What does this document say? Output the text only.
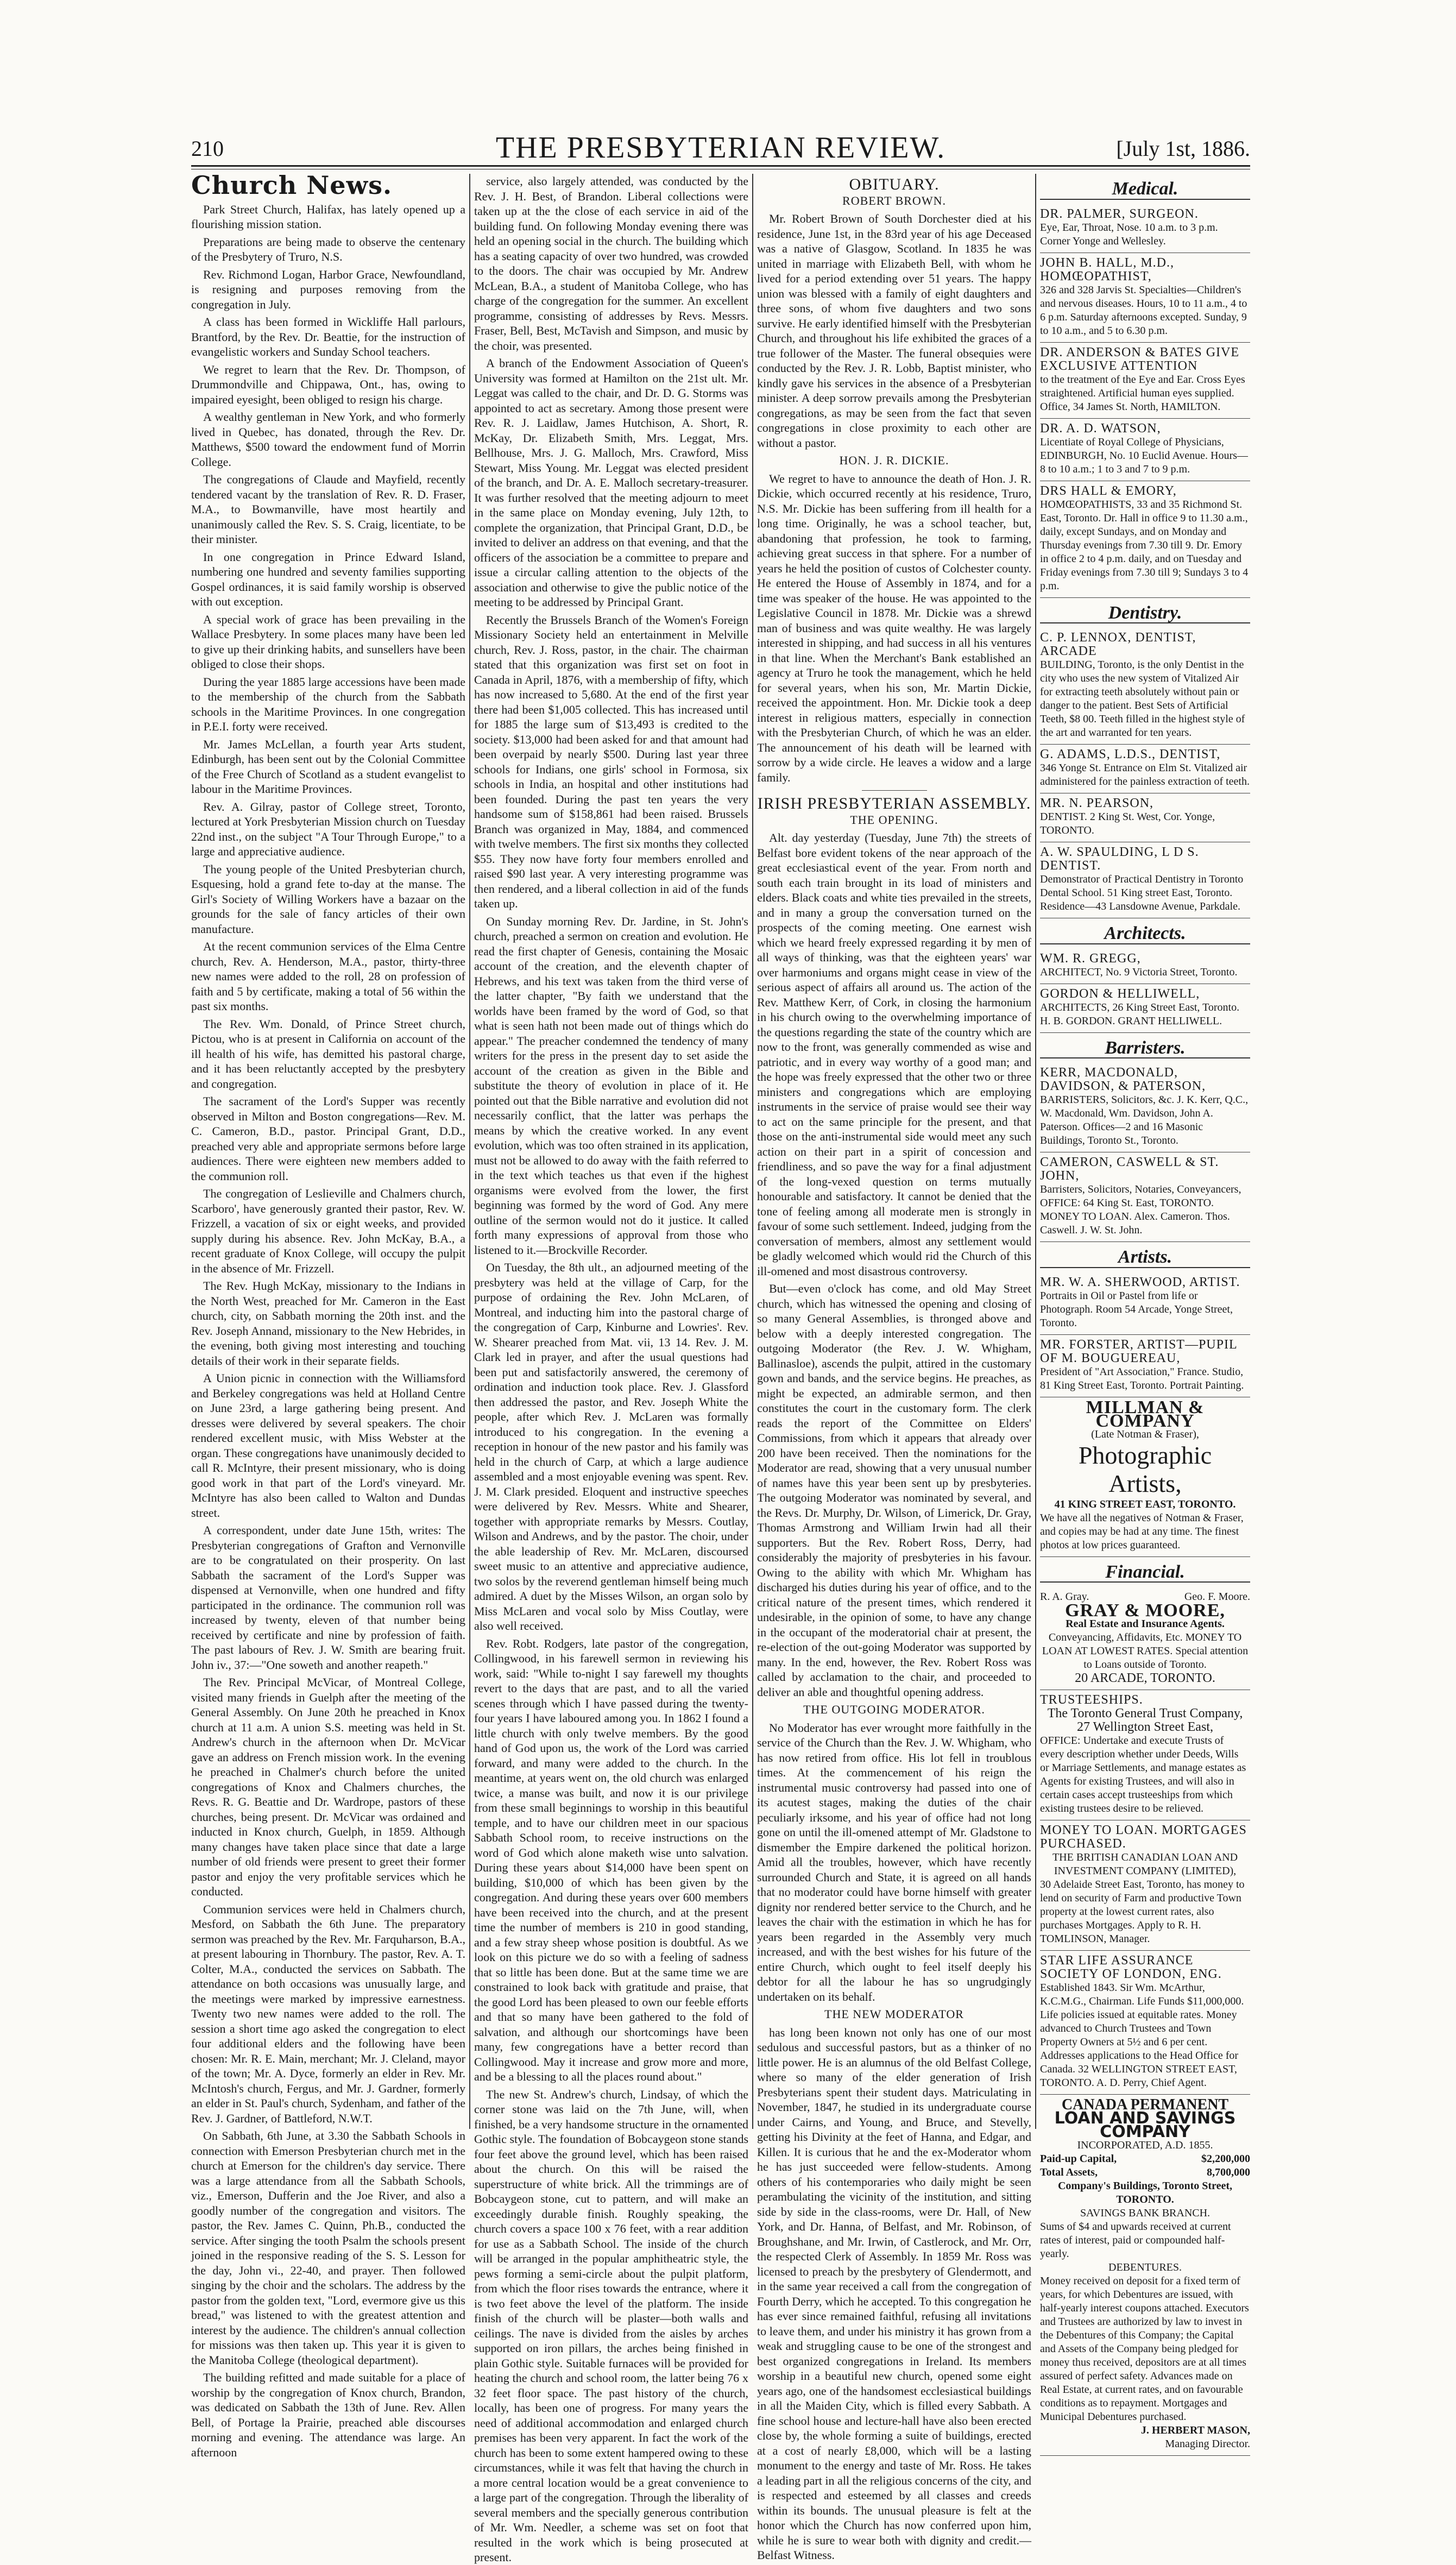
210	THE PRESBYTERIAN REVIEW.	[July 1st, 1886.
Church News.

Park Street Church, Halifax, has lately opened up a flourishing mission station.

Preparations are being made to observe the centenary of the Presbytery of Truro, N.S.

Rev. Richmond Logan, Harbor Grace, Newfoundland, is resigning and purposes removing from the congregation in July.

A class has been formed in Wickliffe Hall parlours, Brantford, by the Rev. Dr. Beattie, for the instruction of evangelistic workers and Sunday School teachers.

We regret to learn that the Rev. Dr. Thompson, of Drummondville and Chippawa, Ont., has, owing to impaired eyesight, been obliged to resign his charge.

A wealthy gentleman in New York, and who formerly lived in Quebec, has donated, through the Rev. Dr. Matthews, $500 toward the endowment fund of Morrin College.

The congregations of Claude and Mayfield, recently tendered vacant by the translation of Rev. R. D. Fraser, M.A., to Bowmanville, have most heartily and unanimously called the Rev. S. S. Craig, licentiate, to be their minister.

In one congregation in Prince Edward Island, numbering one hundred and seventy families supporting Gospel ordinances, it is said family worship is observed with out exception.

A special work of grace has been prevailing in the Wallace Presbytery. In some places many have been led to give up their drinking habits, and sunsellers have been obliged to close their shops.

During the year 1885 large accessions have been made to the membership of the church from the Sabbath schools in the Maritime Provinces. In one congregation in P.E.I. forty were received.

Mr. James McLellan, a fourth year Arts student, Edinburgh, has been sent out by the Colonial Committee of the Free Church of Scotland as a student evangelist to labour in the Maritime Provinces.

Rev. A. Gilray, pastor of College street, Toronto, lectured at York Presbyterian Mission church on Tuesday 22nd inst., on the subject "A Tour Through Europe," to a large and appreciative audience.

The young people of the United Presbyterian church, Esquesing, hold a grand fete to-day at the manse. The Girl's Society of Willing Workers have a bazaar on the grounds for the sale of fancy articles of their own manufacture.

At the recent communion services of the Elma Centre church, Rev. A. Henderson, M.A., pastor, thirty-three new names were added to the roll, 28 on profession of faith and 5 by certificate, making a total of 56 within the past six months.

The Rev. Wm. Donald, of Prince Street church, Pictou, who is at present in California on account of the ill health of his wife, has demitted his pastoral charge, and it has been reluctantly accepted by the presbytery and congregation.

The sacrament of the Lord's Supper was recently observed in Milton and Boston congregations—Rev. M. C. Cameron, B.D., pastor. Principal Grant, D.D., preached very able and appropriate sermons before large audiences. There were eighteen new members added to the communion roll.

The congregation of Leslieville and Chalmers church, Scarboro', have generously granted their pastor, Rev. W. Frizzell, a vacation of six or eight weeks, and provided supply during his absence. Rev. John McKay, B.A., a recent graduate of Knox College, will occupy the pulpit in the absence of Mr. Frizzell.

The Rev. Hugh McKay, missionary to the Indians in the North West, preached for Mr. Cameron in the East church, city, on Sabbath morning the 20th inst. and the Rev. Joseph Annand, missionary to the New Hebrides, in the evening, both giving most interesting and touching details of their work in their separate fields.

A Union picnic in connection with the Williamsford and Berkeley congregations was held at Holland Centre on June 23rd, a large gathering being present. And dresses were delivered by several speakers. The choir rendered excellent music, with Miss Webster at the organ. These congregations have unanimously decided to call R. McIntyre, their present missionary, who is doing good work in that part of the Lord's vineyard. Mr. McIntyre has also been called to Walton and Dundas street.

A correspondent, under date June 15th, writes: The Presbyterian congregations of Grafton and Vernonville are to be congratulated on their prosperity. On last Sabbath the sacrament of the Lord's Supper was dispensed at Vernonville, when one hundred and fifty participated in the ordinance. The communion roll was increased by twenty, eleven of that number being received by certificate and nine by profession of faith. The past labours of Rev. J. W. Smith are bearing fruit. John iv., 37:—"One soweth and another reapeth."

The Rev. Principal McVicar, of Montreal College, visited many friends in Guelph after the meeting of the General Assembly. On June 20th he preached in Knox church at 11 a.m. A union S.S. meeting was held in St. Andrew's church in the afternoon when Dr. McVicar gave an address on French mission work. In the evening he preached in Chalmer's church before the united congregations of Knox and Chalmers churches, the Revs. R. G. Beattie and Dr. Wardrope, pastors of these churches, being present. Dr. McVicar was ordained and inducted in Knox church, Guelph, in 1859. Although many changes have taken place since that date a large number of old friends were present to greet their former pastor and enjoy the very profitable services which he conducted.

Communion services were held in Chalmers church, Mesford, on Sabbath the 6th June. The preparatory sermon was preached by the Rev. Mr. Farquharson, B.A., at present labouring in Thornbury. The pastor, Rev. A. T. Colter, M.A., conducted the services on Sabbath. The attendance on both occasions was unusually large, and the meetings were marked by impressive earnestness. Twenty two new names were added to the roll. The session a short time ago asked the congregation to elect four additional elders and the following have been chosen: Mr. R. E. Main, merchant; Mr. J. Cleland, mayor of the town; Mr. A. Dyce, formerly an elder in Rev. Mr. McIntosh's church, Fergus, and Mr. J. Gardner, formerly an elder in St. Paul's church, Sydenham, and father of the Rev. J. Gardner, of Battleford, N.W.T.

On Sabbath, 6th June, at 3.30 the Sabbath Schools in connection with Emerson Presbyterian church met in the church at Emerson for the children's day service. There was a large attendance from all the Sabbath Schools, viz., Emerson, Dufferin and the Joe River, and also a goodly number of the congregation and visitors. The pastor, the Rev. James C. Quinn, Ph.B., conducted the service. After singing the tooth Psalm the schools present joined in the responsive reading of the S. S. Lesson for the day, John vi., 22-40, and prayer. Then followed singing by the choir and the scholars. The address by the pastor from the golden text, "Lord, evermore give us this bread," was listened to with the greatest attention and interest by the audience. The children's annual collection for missions was then taken up. This year it is given to the Manitoba College (theological department).

The building refitted and made suitable for a place of worship by the congregation of Knox church, Brandon, was dedicated on Sabbath the 13th of June. Rev. Allen Bell, of Portage la Prairie, preached able discourses morning and evening. The attendance was large. An afternoon

service, also largely attended, was conducted by the Rev. J. H. Best, of Brandon. Liberal collections were taken up at the the close of each service in aid of the building fund. On following Monday evening there was held an opening social in the church. The building which has a seating capacity of over two hundred, was crowded to the doors. The chair was occupied by Mr. Andrew McLean, B.A., a student of Manitoba College, who has charge of the congregation for the summer. An excellent programme, consisting of addresses by Revs. Messrs. Fraser, Bell, Best, McTavish and Simpson, and music by the choir, was presented.

A branch of the Endowment Association of Queen's University was formed at Hamilton on the 21st ult. Mr. Leggat was called to the chair, and Dr. D. G. Storms was appointed to act as secretary. Among those present were Rev. R. J. Laidlaw, James Hutchison, A. Short, R. McKay, Dr. Elizabeth Smith, Mrs. Leggat, Mrs. Bellhouse, Mrs. J. G. Malloch, Mrs. Crawford, Miss Stewart, Miss Young. Mr. Leggat was elected president of the branch, and Dr. A. E. Malloch secretary-treasurer. It was further resolved that the meeting adjourn to meet in the same place on Monday evening, July 12th, to complete the organization, that Principal Grant, D.D., be invited to deliver an address on that evening, and that the officers of the association be a committee to prepare and issue a circular calling attention to the objects of the association and otherwise to give the public notice of the meeting to be addressed by Principal Grant.

Recently the Brussels Branch of the Women's Foreign Missionary Society held an entertainment in Melville church, Rev. J. Ross, pastor, in the chair. The chairman stated that this organization was first set on foot in Canada in April, 1876, with a membership of fifty, which has now increased to 5,680. At the end of the first year there had been $1,005 collected. This has increased until for 1885 the large sum of $13,493 is credited to the society. $13,000 had been asked for and that amount had been overpaid by nearly $500. During last year three schools for Indians, one girls' school in Formosa, six schools in India, an hospital and other institutions had been founded. During the past ten years the very handsome sum of $158,861 had been raised. Brussels Branch was organized in May, 1884, and commenced with twelve members. The first six months they collected $55. They now have forty four members enrolled and raised $90 last year. A very interesting programme was then rendered, and a liberal collection in aid of the funds taken up.

On Sunday morning Rev. Dr. Jardine, in St. John's church, preached a sermon on creation and evolution. He read the first chapter of Genesis, containing the Mosaic account of the creation, and the eleventh chapter of Hebrews, and his text was taken from the third verse of the latter chapter, "By faith we understand that the worlds have been framed by the word of God, so that what is seen hath not been made out of things which do appear." The preacher condemned the tendency of many writers for the press in the present day to set aside the account of the creation as given in the Bible and substitute the theory of evolution in place of it. He pointed out that the Bible narrative and evolution did not necessarily conflict, that the latter was perhaps the means by which the creative worked. In any event evolution, which was too often strained in its application, must not be allowed to do away with the faith referred to in the text which teaches us that even if the highest organisms were evolved from the lower, the first beginning was formed by the word of God. Any mere outline of the sermon would not do it justice. It called forth many expressions of approval from those who listened to it.—Brockville Recorder.

On Tuesday, the 8th ult., an adjourned meeting of the presbytery was held at the village of Carp, for the purpose of ordaining the Rev. John McLaren, of Montreal, and inducting him into the pastoral charge of the congregation of Carp, Kinburne and Lowries'. Rev. W. Shearer preached from Mat. vii, 13 14. Rev. J. M. Clark led in prayer, and after the usual questions had been put and satisfactorily answered, the ceremony of ordination and induction took place. Rev. J. Glassford then addressed the pastor, and Rev. Joseph White the people, after which Rev. J. McLaren was formally introduced to his congregation. In the evening a reception in honour of the new pastor and his family was held in the church of Carp, at which a large audience assembled and a most enjoyable evening was spent. Rev. J. M. Clark presided. Eloquent and instructive speeches were delivered by Rev. Messrs. White and Shearer, together with appropriate remarks by Messrs. Coutlay, Wilson and Andrews, and by the pastor. The choir, under the able leadership of Rev. Mr. McLaren, discoursed sweet music to an attentive and appreciative audience, two solos by the reverend gentleman himself being much admired. A duet by the Misses Wilson, an organ solo by Miss McLaren and vocal solo by Miss Coutlay, were also well received.

Rev. Robt. Rodgers, late pastor of the congregation, Collingwood, in his farewell sermon in reviewing his work, said: "While to-night I say farewell my thoughts revert to the days that are past, and to all the varied scenes through which I have passed during the twenty-four years I have laboured among you. In 1862 I found a little church with only twelve members. By the good hand of God upon us, the work of the Lord was carried forward, and many were added to the church. In the meantime, at years went on, the old church was enlarged twice, a manse was built, and now it is our privilege from these small beginnings to worship in this beautiful temple, and to have our children meet in our spacious Sabbath School room, to receive instructions on the word of God which alone maketh wise unto salvation. During these years about $14,000 have been spent on building, $10,000 of which has been given by the congregation. And during these years over 600 members have been received into the church, and at the present time the number of members is 210 in good standing, and a few stray sheep whose position is doubtful. As we look on this picture we do so with a feeling of sadness that so little has been done. But at the same time we are constrained to look back with gratitude and praise, that the good Lord has been pleased to own our feeble efforts and that so many have been gathered to the fold of salvation, and although our shortcomings have been many, few congregations have a better record than Collingwood. May it increase and grow more and more, and be a blessing to all the places round about."

The new St. Andrew's church, Lindsay, of which the corner stone was laid on the 7th June, will, when finished, be a very handsome structure in the ornamented Gothic style. The foundation of Bobcaygeon stone stands four feet above the ground level, which has been raised about the church. On this will be raised the superstructure of white brick. All the trimmings are of Bobcaygeon stone, cut to pattern, and will make an exceedingly durable finish. Roughly speaking, the church covers a space 100 x 76 feet, with a rear addition for use as a Sabbath School. The inside of the church will be arranged in the popular amphitheatric style, the pews forming a semi-circle about the pulpit platform, from which the floor rises towards the entrance, where it is two feet above the level of the platform. The inside finish of the church will be plaster—both walls and ceilings. The nave is divided from the aisles by arches supported on iron pillars, the arches being finished in plain Gothic style. Suitable furnaces will be provided for heating the church and school room, the latter being 76 x 32 feet floor space. The past history of the church, locally, has been one of progress. For many years the need of additional accommodation and enlarged church premises has been very apparent. In fact the work of the church has been to some extent hampered owing to these circumstances, while it was felt that having the church in a more central location would be a great convenience to a large part of the congregation. Through the liberality of several members and the specially generous contribution of Mr. Wm. Needler, a scheme was set on foot that resulted in the work which is being prosecuted at present.

OBITUARY.
ROBERT BROWN.

Mr. Robert Brown of South Dorchester died at his residence, June 1st, in the 83rd year of his age Deceased was a native of Glasgow, Scotland. In 1835 he was united in marriage with Elizabeth Bell, with whom he lived for a period extending over 51 years. The happy union was blessed with a family of eight daughters and three sons, of whom five daughters and two sons survive. He early identified himself with the Presbyterian Church, and throughout his life exhibited the graces of a true follower of the Master. The funeral obsequies were conducted by the Rev. J. R. Lobb, Baptist minister, who kindly gave his services in the absence of a Presbyterian minister. A deep sorrow prevails among the Presbyterian congregations, as may be seen from the fact that seven congregations in close proximity to each other are without a pastor.

HON. J. R. DICKIE.

We regret to have to announce the death of Hon. J. R. Dickie, which occurred recently at his residence, Truro, N.S. Mr. Dickie has been suffering from ill health for a long time. Originally, he was a school teacher, but, abandoning that profession, he took to farming, achieving great success in that sphere. For a number of years he held the position of custos of Colchester county. He entered the House of Assembly in 1874, and for a time was speaker of the house. He was appointed to the Legislative Council in 1878. Mr. Dickie was a shrewd man of business and was quite wealthy. He was largely interested in shipping, and had success in all his ventures in that line. When the Merchant's Bank established an agency at Truro he took the management, which he held for several years, when his son, Mr. Martin Dickie, received the appointment. Hon. Mr. Dickie took a deep interest in religious matters, especially in connection with the Presbyterian Church, of which he was an elder. The announcement of his death will be learned with sorrow by a wide circle. He leaves a widow and a large family.

IRISH PRESBYTERIAN ASSEMBLY.
THE OPENING.

Alt. day yesterday (Tuesday, June 7th) the streets of Belfast bore evident tokens of the near approach of the great ecclesiastical event of the year. From north and south each train brought in its load of ministers and elders. Black coats and white ties prevailed in the streets, and in many a group the conversation turned on the prospects of the coming meeting. One earnest wish which we heard freely expressed regarding it by men of all ways of thinking, was that the eighteen years' war over harmoniums and organs might cease in view of the serious aspect of affairs all around us. The action of the Rev. Matthew Kerr, of Cork, in closing the harmonium in his church owing to the overwhelming importance of the questions regarding the state of the country which are now to the front, was generally commended as wise and patriotic, and in every way worthy of a good man; and the hope was freely expressed that the other two or three ministers and congregations which are employing instruments in the service of praise would see their way to act on the same principle for the present, and that those on the anti-instrumental side would meet any such action on their part in a spirit of concession and friendliness, and so pave the way for a final adjustment of the long-vexed question on terms mutually honourable and satisfactory. It cannot be denied that the tone of feeling among all moderate men is strongly in favour of some such settlement. Indeed, judging from the conversation of members, almost any settlement would be gladly welcomed which would rid the Church of this ill-omened and most disastrous controversy.

But—even o'clock has come, and old May Street church, which has witnessed the opening and closing of so many General Assemblies, is thronged above and below with a deeply interested congregation. The outgoing Moderator (the Rev. J. W. Whigham, Ballinasloe), ascends the pulpit, attired in the customary gown and bands, and the service begins. He preaches, as might be expected, an admirable sermon, and then constitutes the court in the customary form. The clerk reads the report of the Committee on Elders' Commissions, from which it appears that already over 200 have been received. Then the nominations for the Moderator are read, showing that a very unusual number of names have this year been sent up by presbyteries. The outgoing Moderator was nominated by several, and the Revs. Dr. Murphy, Dr. Wilson, of Limerick, Dr. Gray, Thomas Armstrong and William Irwin had all their supporters. But the Rev. Robert Ross, Derry, had considerably the majority of presbyteries in his favour. Owing to the ability with which Mr. Whigham has discharged his duties during his year of office, and to the critical nature of the present times, which rendered it undesirable, in the opinion of some, to have any change in the occupant of the moderatorial chair at present, the re-election of the out-going Moderator was supported by many. In the end, however, the Rev. Robert Ross was called by acclamation to the chair, and proceeded to deliver an able and thoughtful opening address.

THE OUTGOING MODERATOR.

No Moderator has ever wrought more faithfully in the service of the Church than the Rev. J. W. Whigham, who has now retired from office. His lot fell in troublous times. At the commencement of his reign the instrumental music controversy had passed into one of its acutest stages, making the duties of the chair peculiarly irksome, and his year of office had not long gone on until the ill-omened attempt of Mr. Gladstone to dismember the Empire darkened the political horizon. Amid all the troubles, however, which have recently surrounded Church and State, it is agreed on all hands that no moderator could have borne himself with greater dignity nor rendered better service to the Church, and he leaves the chair with the estimation in which he has for years been regarded in the Assembly very much increased, and with the best wishes for his future of the entire Church, which ought to feel itself deeply his debtor for all the labour he has so ungrudgingly undertaken on its behalf.

THE NEW MODERATOR

has long been known not only has one of our most sedulous and successful pastors, but as a thinker of no little power. He is an alumnus of the old Belfast College, where so many of the elder generation of Irish Presbyterians spent their student days. Matriculating in November, 1847, he studied in its undergraduate course under Cairns, and Young, and Bruce, and Stevelly, getting his Divinity at the feet of Hanna, and Edgar, and Killen. It is curious that he and the ex-Moderator whom he has just succeeded were fellow-students. Among others of his contemporaries who daily might be seen perambulating the vicinity of the institution, and sitting side by side in the class-rooms, were Dr. Hall, of New York, and Dr. Hanna, of Belfast, and Mr. Robinson, of Broughshane, and Mr. Irwin, of Castlerock, and Mr. Orr, the respected Clerk of Assembly. In 1859 Mr. Ross was licensed to preach by the presbytery of Glendermott, and in the same year received a call from the congregation of Fourth Derry, which he accepted. To this congregation he has ever since remained faithful, refusing all invitations to leave them, and under his ministry it has grown from a weak and struggling cause to be one of the strongest and best organized congregations in Ireland. Its members worship in a beautiful new church, opened some eight years ago, one of the handsomest ecclesiastical buildings in all the Maiden City, which is filled every Sabbath. A fine school house and lecture-hall have also been erected close by, the whole forming a suite of buildings, erected at a cost of nearly £8,000, which will be a lasting monument to the energy and taste of Mr. Ross. He takes a leading part in all the religious concerns of the city, and is respected and esteemed by all classes and creeds within its bounds. The unusual pleasure is felt at the honor which the Church has now conferred upon him, while he is sure to wear both with dignity and credit.—Belfast Witness.

Medical.
DR. PALMER, SURGEON.
Eye, Ear, Throat, Nose. 10 a.m. to 3 p.m. Corner Yonge and Wellesley.
JOHN B. HALL, M.D., HOMŒOPATHIST,
326 and 328 Jarvis St. Specialties—Children's and nervous diseases. Hours, 10 to 11 a.m., 4 to 6 p.m. Saturday afternoons excepted. Sunday, 9 to 10 a.m., and 5 to 6.30 p.m.
DR. ANDERSON & BATES GIVE EXCLUSIVE ATTENTION
to the treatment of the Eye and Ear. Cross Eyes straightened. Artificial human eyes supplied. Office, 34 James St. North, HAMILTON.
DR. A. D. WATSON,
Licentiate of Royal College of Physicians, EDINBURGH, No. 10 Euclid Avenue. Hours—8 to 10 a.m.; 1 to 3 and 7 to 9 p.m.
DRS HALL & EMORY,
HOMŒOPATHISTS, 33 and 35 Richmond St. East, Toronto. Dr. Hall in office 9 to 11.30 a.m., daily, except Sundays, and on Monday and Thursday evenings from 7.30 till 9. Dr. Emory in office 2 to 4 p.m. daily, and on Tuesday and Friday evenings from 7.30 till 9; Sundays 3 to 4 p.m.
Dentistry.
C. P. LENNOX, DENTIST, ARCADE
BUILDING, Toronto, is the only Dentist in the city who uses the new system of Vitalized Air for extracting teeth absolutely without pain or danger to the patient. Best Sets of Artificial Teeth, $8 00. Teeth filled in the highest style of the art and warranted for ten years.
G. ADAMS, L.D.S., DENTIST,
346 Yonge St. Entrance on Elm St. Vitalized air administered for the painless extraction of teeth.
MR. N. PEARSON,
DENTIST. 2 King St. West, Cor. Yonge, TORONTO.
A. W. SPAULDING, L D S. DENTIST.
Demonstrator of Practical Dentistry in Toronto Dental School. 51 King street East, Toronto. Residence—43 Lansdowne Avenue, Parkdale.
Architects.
WM. R. GREGG,
ARCHITECT, No. 9 Victoria Street, Toronto.
GORDON & HELLIWELL,
ARCHITECTS, 26 King Street East, Toronto. H. B. GORDON. GRANT HELLIWELL.
Barristers.
KERR, MACDONALD, DAVIDSON, & PATERSON,
BARRISTERS, Solicitors, &c. J. K. Kerr, Q.C., W. Macdonald, Wm. Davidson, John A. Paterson. Offices—2 and 16 Masonic Buildings, Toronto St., Toronto.
CAMERON, CASWELL & ST. JOHN,
Barristers, Solicitors, Notaries, Conveyancers, OFFICE: 64 King St. East, TORONTO. MONEY TO LOAN. Alex. Cameron. Thos. Caswell. J. W. St. John.
Artists.
MR. W. A. SHERWOOD, ARTIST.
Portraits in Oil or Pastel from life or Photograph. Room 54 Arcade, Yonge Street, Toronto.
MR. FORSTER, ARTIST—PUPIL OF M. BOUGUEREAU,
President of "Art Association," France. Studio, 81 King Street East, Toronto. Portrait Painting.
MILLMAN & COMPANY
(Late Notman & Fraser),
Photographic Artists,
41 KING STREET EAST, TORONTO.
We have all the negatives of Notman & Fraser, and copies may be had at any time. The finest photos at low prices guaranteed.
Financial.
R. A. Gray.	Geo. F. Moore.
GRAY & MOORE,
Real Estate and Insurance Agents.
Conveyancing, Affidavits, Etc. MONEY TO LOAN AT LOWEST RATES. Special attention to Loans outside of Toronto.
20 ARCADE, TORONTO.
TRUSTEESHIPS.
The Toronto General Trust Company, 27 Wellington Street East,
OFFICE: Undertake and execute Trusts of every description whether under Deeds, Wills or Marriage Settlements, and manage estates as Agents for existing Trustees, and will also in certain cases accept trusteeships from which existing trustees desire to be relieved.
MONEY TO LOAN. MORTGAGES PURCHASED.
THE BRITISH CANADIAN LOAN AND INVESTMENT COMPANY (LIMITED),
30 Adelaide Street East, Toronto, has money to lend on security of Farm and productive Town property at the lowest current rates, also purchases Mortgages. Apply to R. H. TOMLINSON, Manager.
STAR LIFE ASSURANCE SOCIETY OF LONDON, ENG.
Established 1843. Sir Wm. McArthur, K.C.M.G., Chairman. Life Funds $11,000,000. Life policies issued at equitable rates. Money advanced to Church Trustees and Town Property Owners at 5½ and 6 per cent. Addresses applications to the Head Office for Canada. 32 WELLINGTON STREET EAST, TORONTO. A. D. Perry, Chief Agent.
CANADA PERMANENT
LOAN AND SAVINGS COMPANY
INCORPORATED, A.D. 1855.
Paid-up Capital,	$2,200,000
Total Assets,	8,700,000
Company's Buildings, Toronto Street, TORONTO.
SAVINGS BANK BRANCH.
Sums of $4 and upwards received at current rates of interest, paid or compounded half-yearly.
DEBENTURES.
Money received on deposit for a fixed term of years, for which Debentures are issued, with half-yearly interest coupons attached. Executors and Trustees are authorized by law to invest in the Debentures of this Company; the Capital and Assets of the Company being pledged for money thus received, depositors are at all times assured of perfect safety. Advances made on Real Estate, at current rates, and on favourable conditions as to repayment. Mortgages and Municipal Debentures purchased.
J. HERBERT MASON,
Managing Director.
